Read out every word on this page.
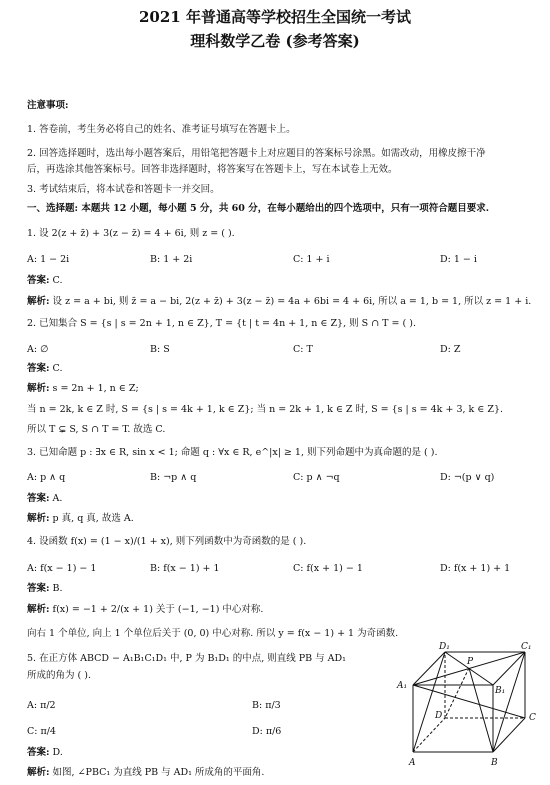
2021 年普通高等学校招生全国统一考试
理科数学乙卷 (参考答案)
注意事项:
1. 答卷前，考生务必将自己的姓名、准考证号填写在答题卡上。
2. 回答选择题时，选出每小题答案后，用铅笔把答题卡上对应题目的答案标号涂黑。如需改动，用橡皮擦干净
后，再选涂其他答案标号。回答非选择题时，将答案写在答题卡上，写在本试卷上无效。
3. 考试结束后，将本试卷和答题卡一并交回。
一、选择题: 本题共 12 小题，每小题 5 分，共 60 分，在每小题给出的四个选项中，只有一项符合题目要求.
1. 设 2(z + z̄) + 3(z − z̄) = 4 + 6i, 则 z = ( ).
A: 1 − 2i	B: 1 + 2i	C: 1 + i	D: 1 − i
答案: C.
解析: 设 z = a + bi, 则 z̄ = a − bi, 2(z + z̄) + 3(z − z̄) = 4a + 6bi = 4 + 6i, 所以 a = 1, b = 1, 所以 z = 1 + i.
2. 已知集合 S = {s | s = 2n + 1, n ∈ Z}, T = {t | t = 4n + 1, n ∈ Z}, 则 S ∩ T = ( ).
A: ∅	B: S	C: T	D: Z
答案: C.
解析: s = 2n + 1, n ∈ Z;
当 n = 2k, k ∈ Z 时, S = {s | s = 4k + 1, k ∈ Z}; 当 n = 2k + 1, k ∈ Z 时, S = {s | s = 4k + 3, k ∈ Z}.
所以 T ⊊ S, S ∩ T = T. 故选 C.
3. 已知命题 p : ∃x ∈ R, sin x < 1; 命题 q : ∀x ∈ R, e^|x| ≥ 1, 则下列命题中为真命题的是 ( ).
A: p ∧ q	B: ¬p ∧ q	C: p ∧ ¬q	D: ¬(p ∨ q)
答案: A.
解析: p 真, q 真, 故选 A.
4. 设函数 f(x) = (1 − x)/(1 + x), 则下列函数中为奇函数的是 ( ).
A: f(x − 1) − 1	B: f(x − 1) + 1	C: f(x + 1) − 1	D: f(x + 1) + 1
答案: B.
解析: f(x) = −1 + 2/(x + 1) 关于 (−1, −1) 中心对称.
向右 1 个单位, 向上 1 个单位后关于 (0, 0) 中心对称. 所以 y = f(x − 1) + 1 为奇函数.
5. 在正方体 ABCD − A₁B₁C₁D₁ 中, P 为 B₁D₁ 的中点, 则直线 PB 与 AD₁
所成的角为 ( ).
A: π/2	B: π/3
C: π/4	D: π/6
答案: D.
解析: 如图, ∠PBC₁ 为直线 PB 与 AD₁ 所成角的平面角.
D₁	C₁
P
A₁	B₁
D	C
A	B
